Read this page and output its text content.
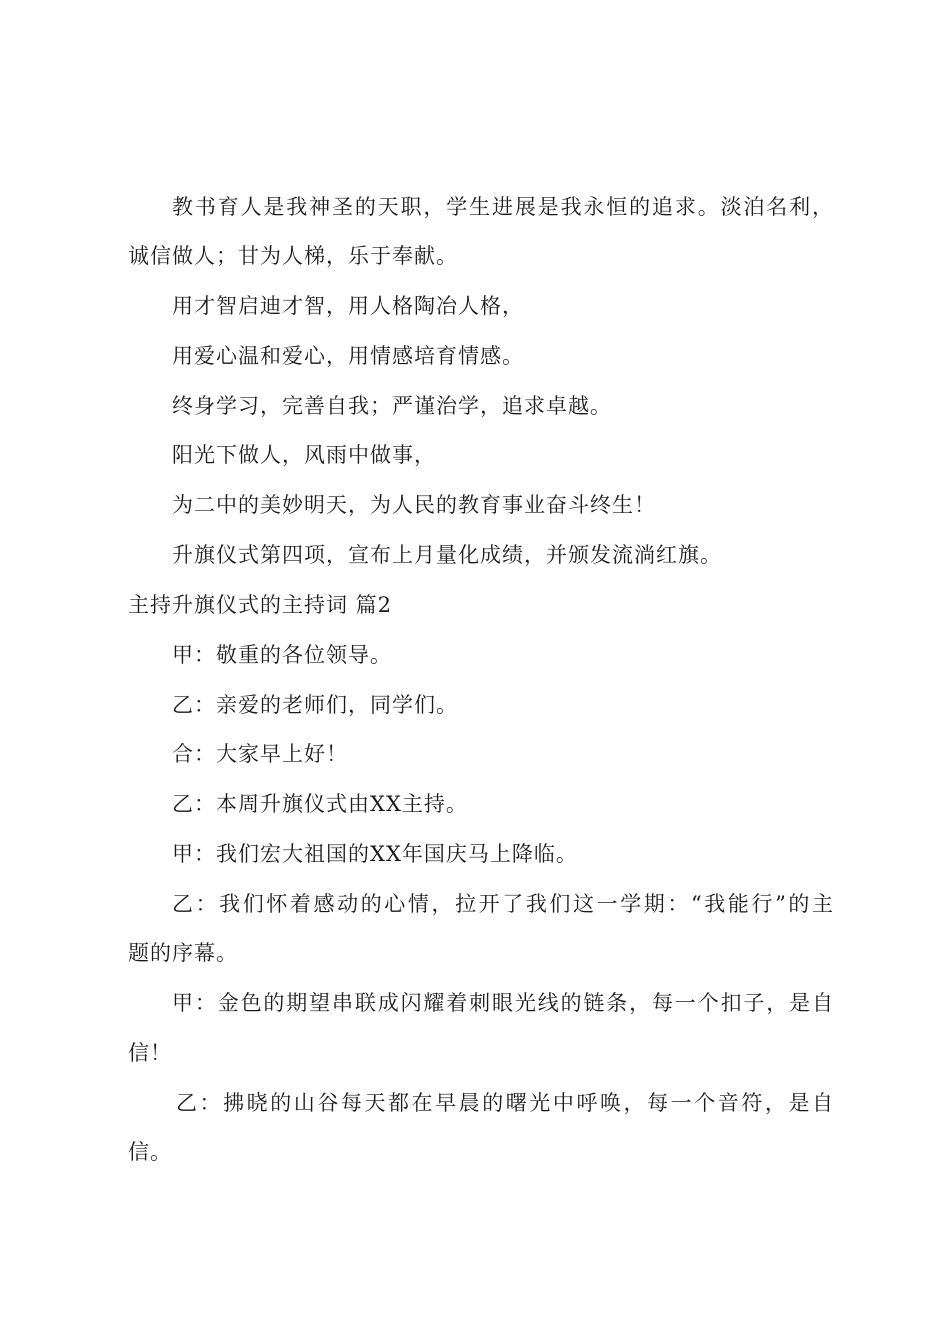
教书育人是我神圣的天职，学生进展是我永恒的追求。淡泊名利，
诚信做人；甘为人梯，乐于奉献。
用才智启迪才智，用人格陶冶人格，
用爱心温和爱心，用情感培育情感。
终身学习，完善自我；严谨治学，追求卓越。
阳光下做人，风雨中做事，
为二中的美妙明天，为人民的教育事业奋斗终生！
升旗仪式第四项，宣布上月量化成绩，并颁发流淌红旗。
主持升旗仪式的主持词 篇2
甲：敬重的各位领导。
乙：亲爱的老师们，同学们。
合：大家早上好！
乙：本周升旗仪式由XX主持。
甲：我们宏大祖国的XX年国庆马上降临。
乙：我们怀着感动的心情，拉开了我们这一学期：“我能行”的主
题的序幕。
甲：金色的期望串联成闪耀着刺眼光线的链条，每一个扣子，是自
信！
乙：拂晓的山谷每天都在早晨的曙光中呼唤，每一个音符，是自
信。
